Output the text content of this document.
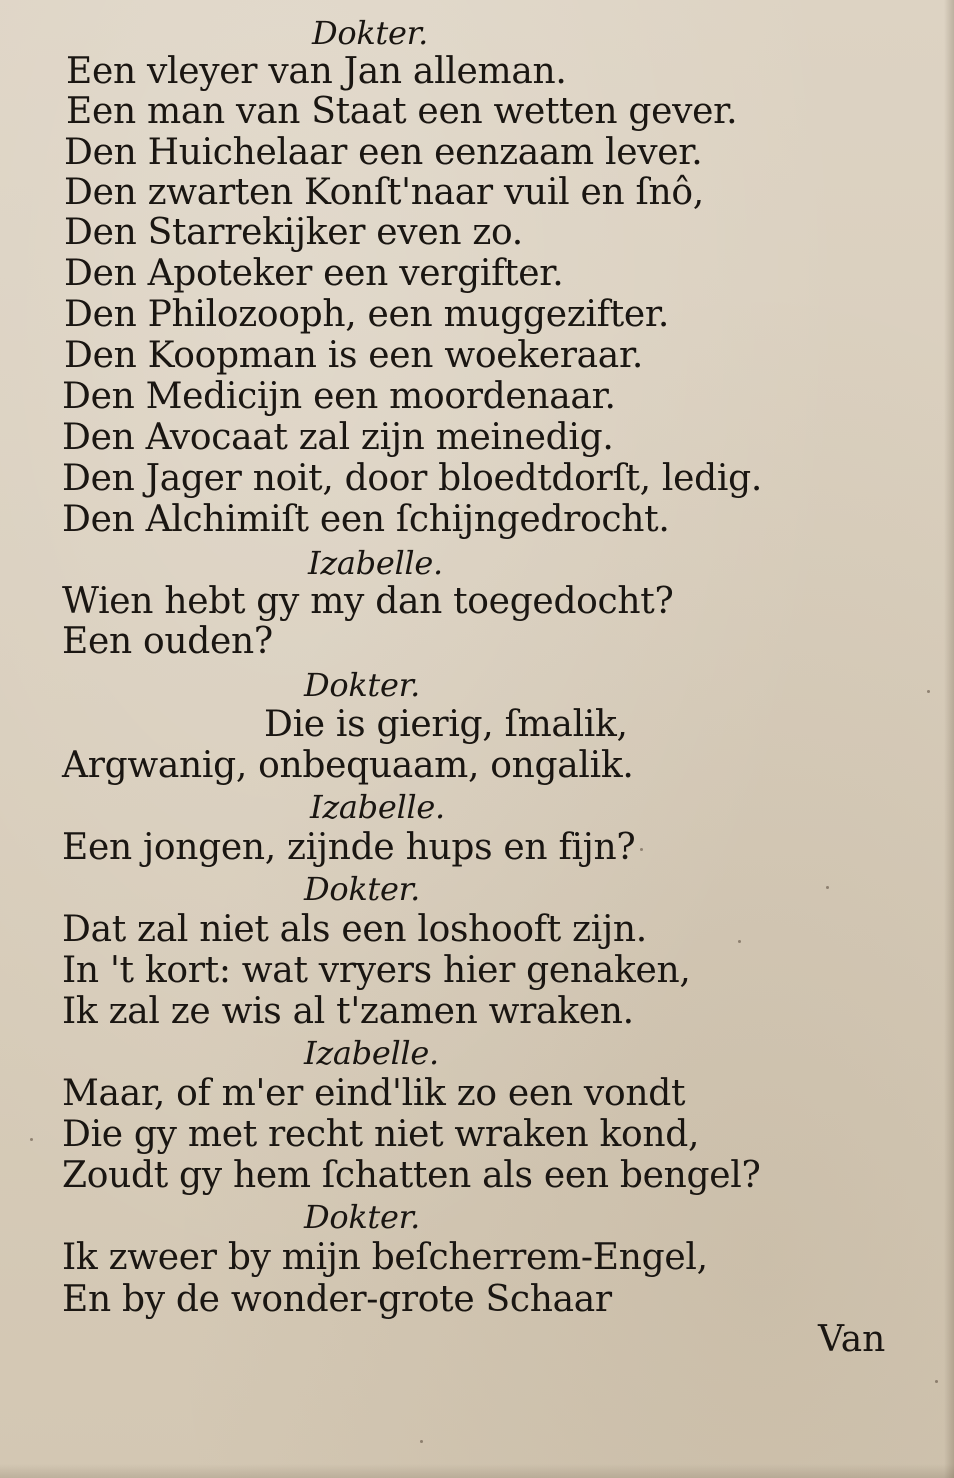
Dokter.
Een vleyer van Jan alleman.
Een man van Staat een wetten gever.
Den Huichelaar een eenzaam lever.
Den zwarten Konſt'naar vuil en ſnô,
Den Starrekijker even zo.
Den Apoteker een vergifter.
Den Philozooph, een muggezifter.
Den Koopman is een woekeraar.
Den Medicijn een moordenaar.
Den Avocaat zal zijn meinedig.
Den Jager noit, door bloedtdorſt, ledig.
Den Alchimiſt een ſchijngedrocht.
Izabelle.
Wien hebt gy my dan toegedocht?
Een ouden?
Dokter.
Die is gierig, ſmalik,
Argwanig, onbequaam, ongalik.
Izabelle.
Een jongen, zijnde hups en fijn?
Dokter.
Dat zal niet als een loshooft zijn.
In 't kort: wat vryers hier genaken,
Ik zal ze wis al t'zamen wraken.
Izabelle.
Maar, of m'er eind'lik zo een vondt
Die gy met recht niet wraken kond,
Zoudt gy hem ſchatten als een bengel?
Dokter.
Ik zweer by mijn beſcherrem-Engel,
En by de wonder-grote Schaar
Van
